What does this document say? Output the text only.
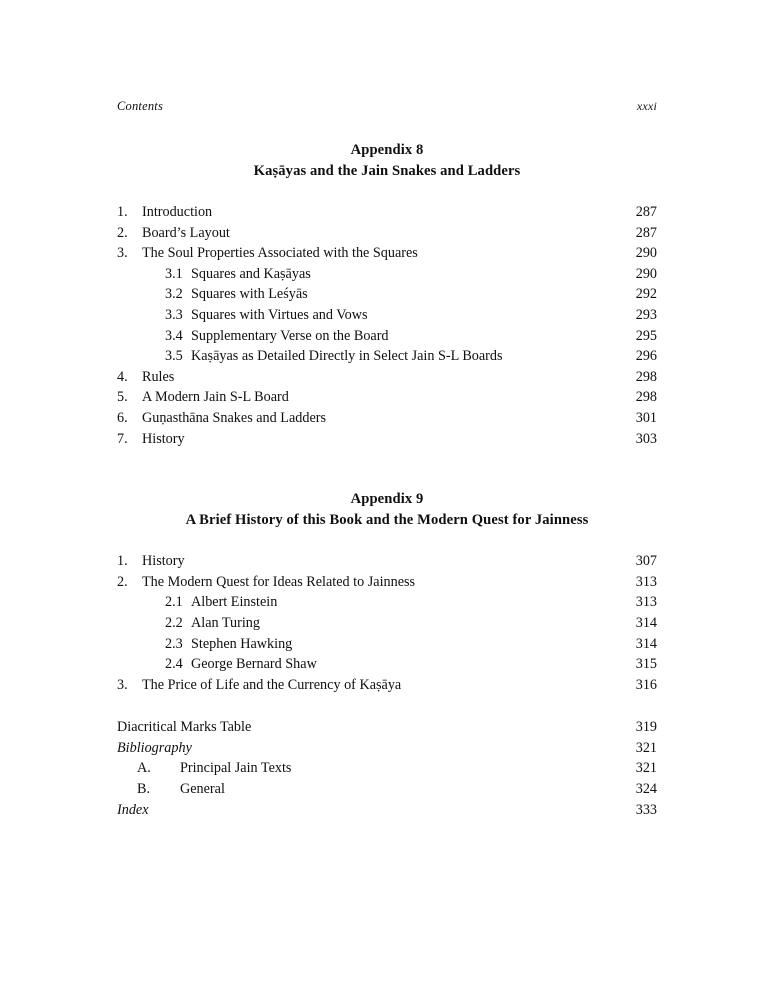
Contents	xxxi
Appendix 8
Kaṣāyas and the Jain Snakes and Ladders
1.	Introduction	287
2.	Board’s Layout	287
3.	The Soul Properties Associated with the Squares	290
3.1 Squares and Kaṣāyas	290
3.2 Squares with Leśyās	292
3.3 Squares with Virtues and Vows	293
3.4 Supplementary Verse on the Board	295
3.5 Kaṣāyas as Detailed Directly in Select Jain S-L Boards	296
4.	Rules	298
5.	A Modern Jain S-L Board	298
6.	Guṇasthāna Snakes and Ladders	301
7.	History	303
Appendix 9
A Brief History of this Book and the Modern Quest for Jainness
1.	History	307
2.	The Modern Quest for Ideas Related to Jainness	313
2.1 Albert Einstein	313
2.2 Alan Turing	314
2.3 Stephen Hawking	314
2.4 George Bernard Shaw	315
3.	The Price of Life and the Currency of Kaṣāya	316
Diacritical Marks Table	319
Bibliography	321
A.	Principal Jain Texts	321
B.	General	324
Index	333
